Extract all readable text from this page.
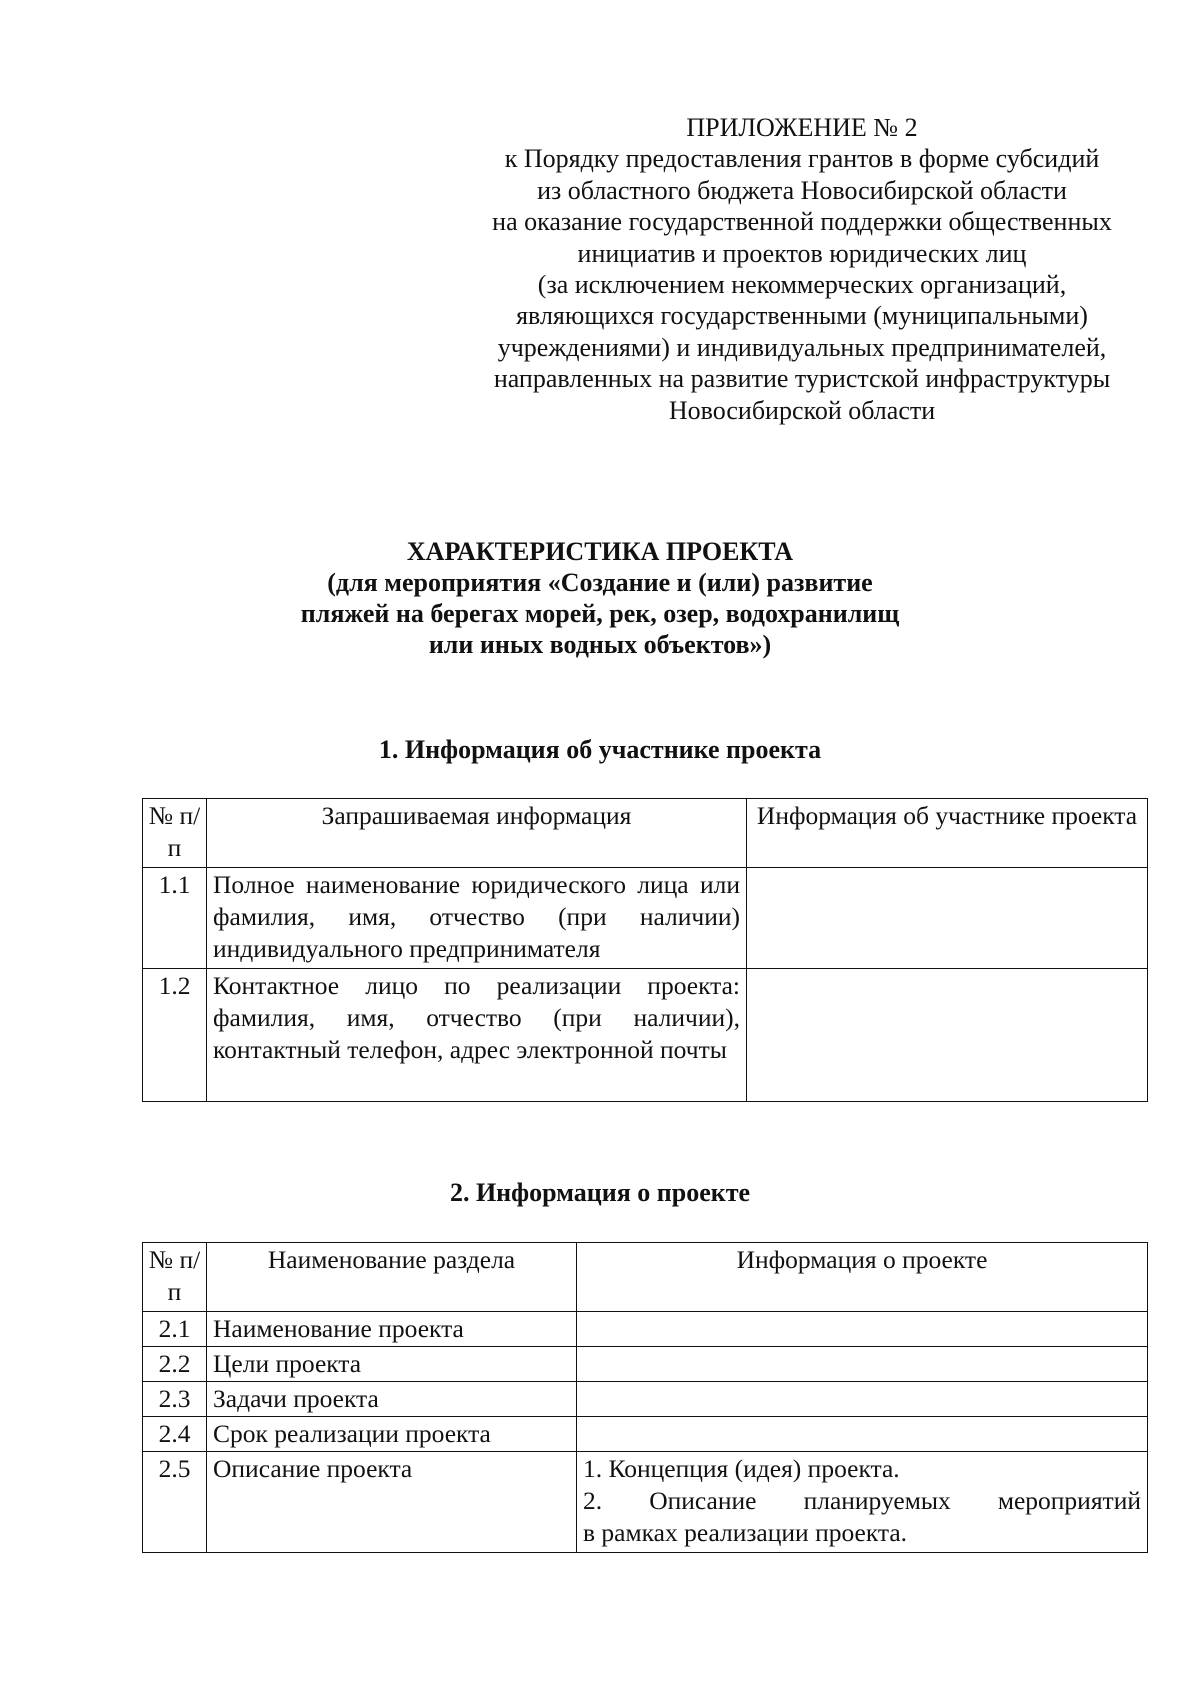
ПРИЛОЖЕНИЕ № 2
к Порядку предоставления грантов в форме субсидий
из областного бюджета Новосибирской области
на оказание государственной поддержки общественных
инициатив и проектов юридических лиц
(за исключением некоммерческих организаций,
являющихся государственными (муниципальными)
учреждениями) и индивидуальных предпринимателей,
направленных на развитие туристской инфраструктуры
Новосибирской области
ХАРАКТЕРИСТИКА ПРОЕКТА
(для мероприятия «Создание и (или) развитие
пляжей на берегах морей, рек, озер, водохранилищ
или иных водных объектов»)
1. Информация об участнике проекта
№ п/п	Запрашиваемая информация	Информация об участнике проекта
1.1	Полное наименование юридического лица или фамилия, имя, отчество (при наличии) индивидуального предпринимателя	
1.2	Контактное лицо по реализации проекта: фамилия, имя, отчество (при наличии), контактный телефон, адрес электронной почты	
2. Информация о проекте
№ п/п	Наименование раздела	Информация о проекте
2.1	Наименование проекта	
2.2	Цели проекта	
2.3	Задачи проекта	
2.4	Срок реализации проекта	
2.5	Описание проекта	1. Концепция (идея) проекта.
2. Описание планируемых мероприятий
в рамках реализации проекта.
